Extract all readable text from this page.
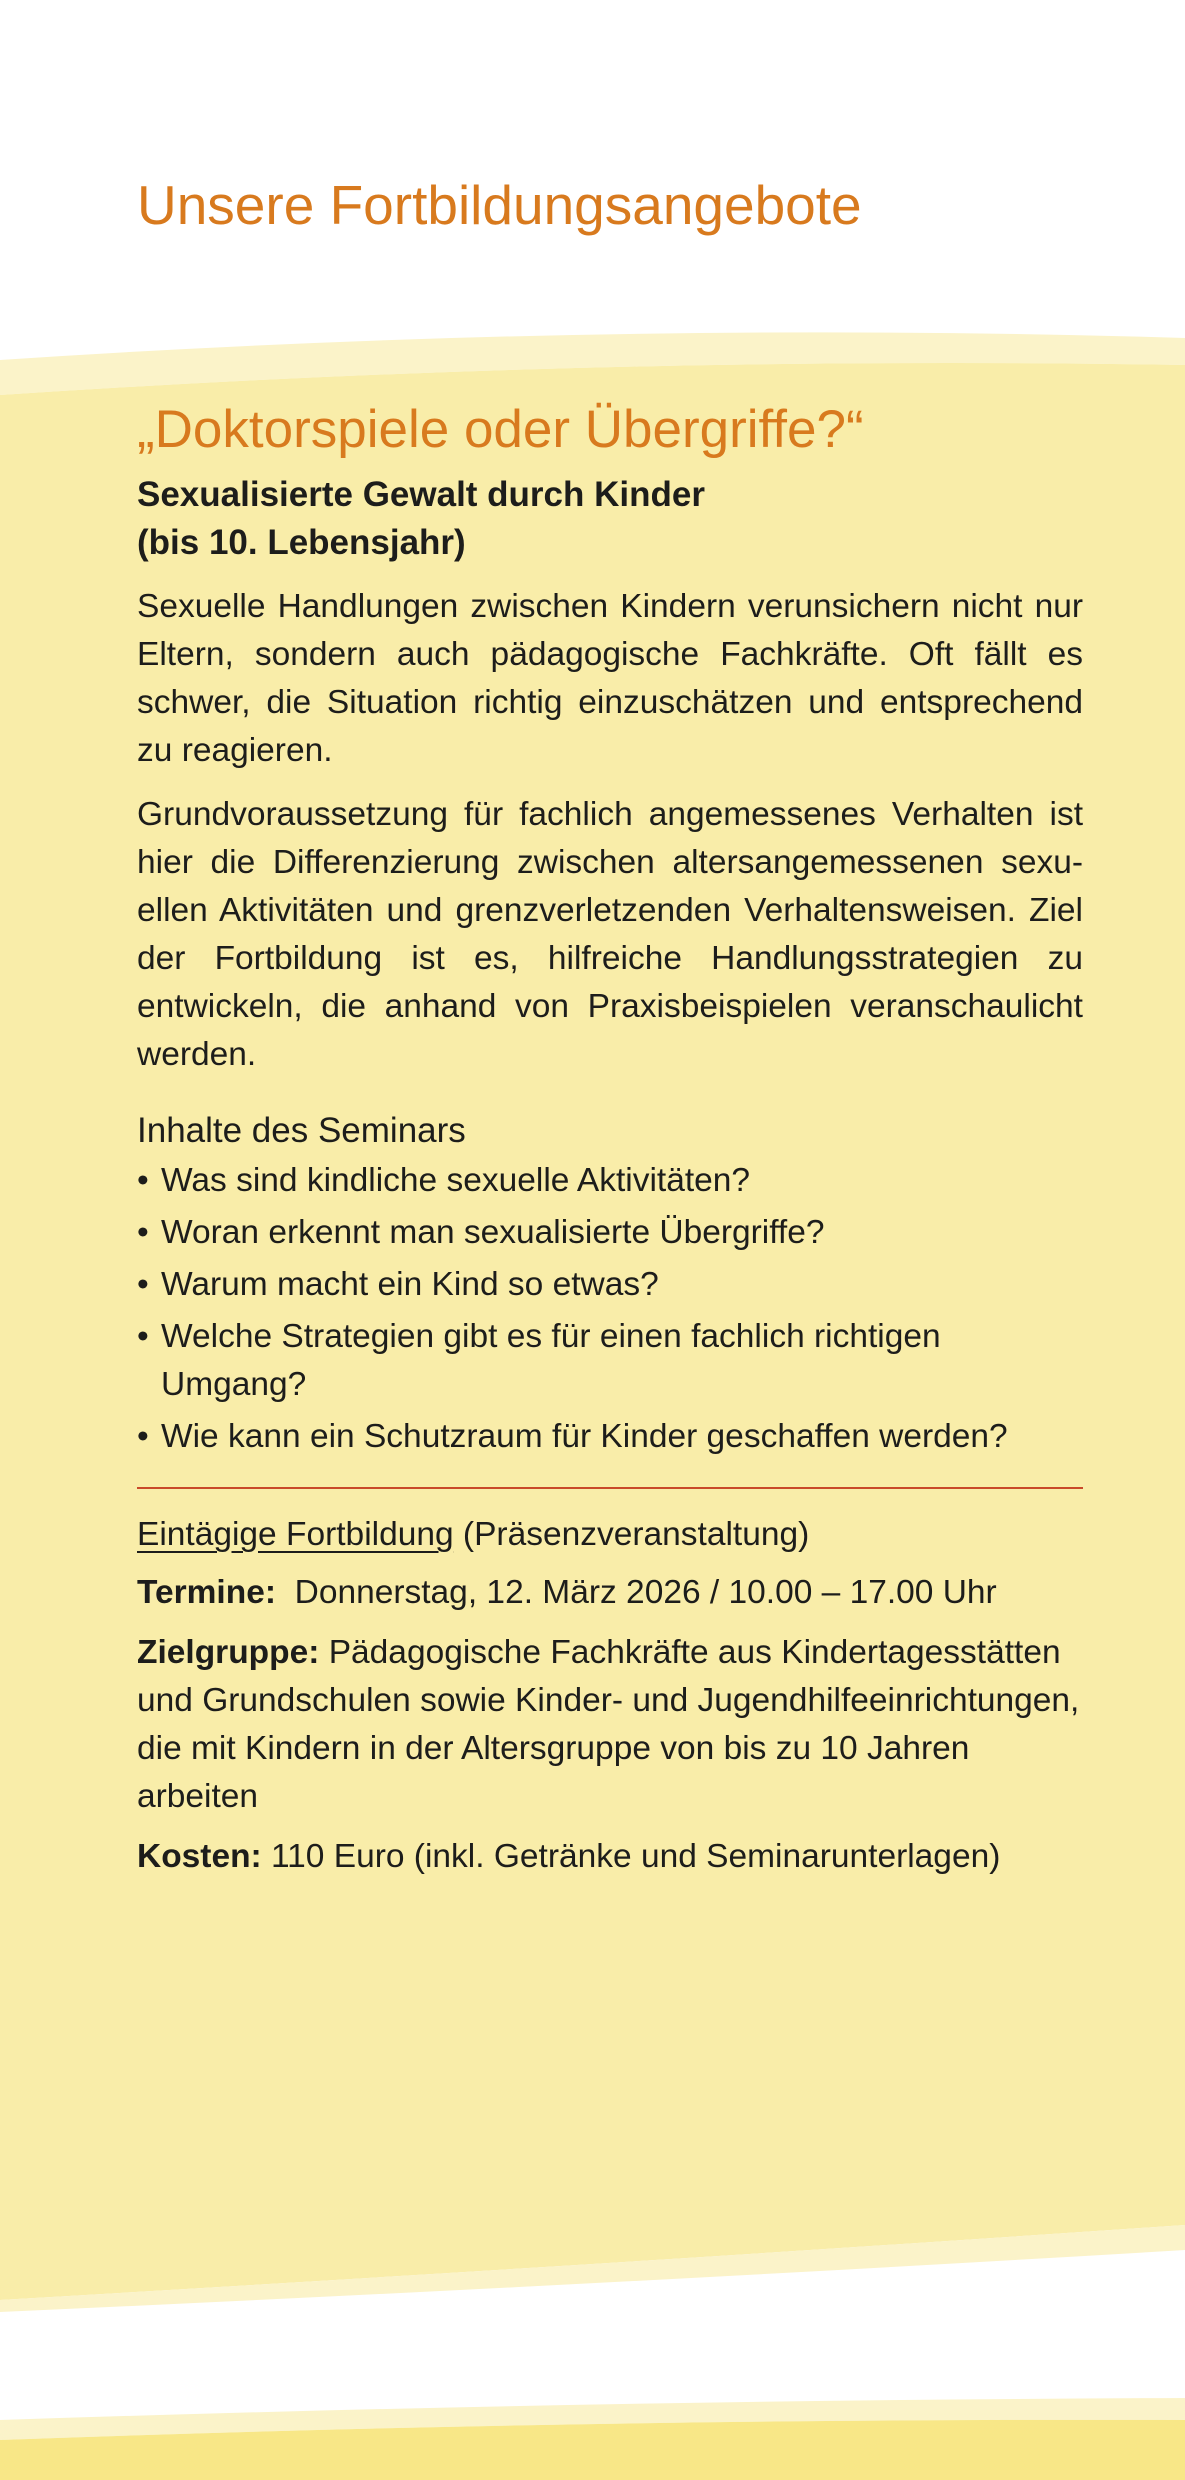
Unsere Fortbildungsangebote
„Doktorspiele oder Übergriffe?“

Sexualisierte Gewalt durch Kinder
(bis 10. Lebensjahr)

Sexuelle Handlungen zwischen Kindern verunsichern nicht nur Eltern, sondern auch pädagogische Fachkräfte. Oft fällt es schwer, die Situation richtig einzuschätzen und entsprechend zu reagieren.

Grundvoraussetzung für fachlich angemessenes Verhalten ist hier die Differenzierung zwischen altersangemessenen sexuellen Aktivitäten und grenzverletzenden Verhaltensweisen. Ziel der Fortbildung ist es, hilfreiche Handlungsstrategien zu entwickeln, die anhand von Praxisbeispielen veranschaulicht werden.

Inhalte des Seminars
• Was sind kindliche sexuelle Aktivitäten?
• Woran erkennt man sexualisierte Übergriffe?
• Warum macht ein Kind so etwas?
• Welche Strategien gibt es für einen fachlich richtigen Umgang?
• Wie kann ein Schutzraum für Kinder geschaffen werden?

Eintägige Fortbildung (Präsenzveranstaltung)

Termine: Donnerstag, 12. März 2026 / 10.00 – 17.00 Uhr

Zielgruppe: Pädagogische Fachkräfte aus Kindertagesstätten und Grundschulen sowie Kinder- und Jugendhilfeeinrichtungen, die mit Kindern in der Altersgruppe von bis zu 10 Jahren arbeiten

Kosten: 110 Euro (inkl. Getränke und Seminarunterlagen)
